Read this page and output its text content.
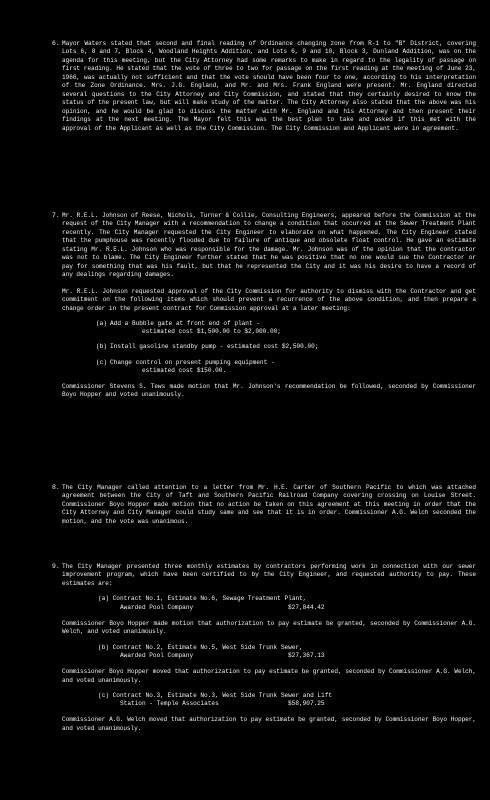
6. Mayor Waters stated that second and final reading of Ordinance changing zone from R-1 to "B" District, covering Lots 6, 8 and 7, Block 4, Woodland Heights Addition, and Lots 6, 9 and 10, Block 3, Dunland Addition, was on the agenda for this meeting, but the City Attorney had some remarks to make in regard to the legality of passage on first reading. He stated that the vote of three to two for passage on the first reading at the meeting of June 23, 1966, was actually not sufficient and that the vote should have been four to one, according to his interpretation of the Zone Ordinance. Mrs. J.G. England, and Mr. and Mrs. Frank England were present. Mr. England directed several questions to the City Attorney and City Commission, and stated that they certainly desired to know the status of the present law, but will make study of the matter. The City Attorney also stated that the above was his opinion, and he would be glad to discuss the matter with Mr. England and his Attorney and then present their findings at the next meeting. The Mayor felt this was the best plan to take and asked if this met with the approval of the Applicant as well as the City Commission. The City Commission and Applicant were in agreement.

7. Mr. R.E.L. Johnson of Reese, Nichols, Turner & Collie, Consulting Engineers, appeared before the Commission at the request of the City Manager with a recommendation to change a condition that occurred at the Sewer Treatment Plant recently. The City Manager requested the City Engineer to elaborate on what happened. The City Engineer stated that the pumphouse was recently flooded due to failure of antique and obsolete float control. He gave an estimate stating Mr. R.E.L. Johnson who was responsible for the damage. Mr. Johnson was of the opinion that the contractor was not to blame. The City Engineer further stated that he was positive that no one would sue the Contractor or pay for something that was his fault, but that he represented the City and it was his desire to have a record of any dealings regarding damages.

Mr. R.E.L. Johnson requested approval of the City Commission for authority to dismiss with the Contractor and get commitment on the following items which should prevent a recurrence of the above condition, and then prepare a change order in the present contract for Commission approval at a later meeting:

(a) Add a Bubble gate at front end of plant -
estimated cost $1,500.00 to $2,000.00;
(b) Install gasoline standby pump - estimated cost $2,500.00;
(c) Change control on present pumping equipment -
estimated cost $150.00.

Commissioner Stevens S. Tews made motion that Mr. Johnson's recommendation be followed, seconded by Commissioner Boyo Hopper and voted unanimously.

8. The City Manager called attention to a letter from Mr. H.E. Carter of Southern Pacific to which was attached agreement between the City of Taft and Southern Pacific Railroad Company covering crossing on Louise Street. Commissioner Boyo Hopper made motion that no action be taken on this agreement at this meeting in order that the City Attorney and City Manager could study same and see that it is in order. Commissioner A.G. Welch seconded the motion, and the vote was unanimous.

9. The City Manager presented three monthly estimates by contractors performing work in connection with our sewer improvement program, which have been certified to by the City Engineer, and requested authority to pay. These estimates are:

(a) Contract No.1, Estimate No.6, Sewage Treatment Plant,
Awarded Pool Company	$27,844.42

Commissioner Boyo Hopper made motion that authorization to pay estimate be granted, seconded by Commissioner A.G. Welch, and voted unanimously.

(b) Contract No.2, Estimate No.5, West Side Trunk Sewer,
Awarded Pool Company	$27,367.13

Commissioner Boyo Hopper moved that authorization to pay estimate be granted, seconded by Commissioner A.G. Welch, and voted unanimously.

(c) Contract No.3, Estimate No.3, West Side Trunk Sewer and Lift
Station - Temple Associates	$58,907.25

Commissioner A.G. Welch moved that authorization to pay estimate be granted, seconded by Commissioner Boyo Hopper, and voted unanimously.
